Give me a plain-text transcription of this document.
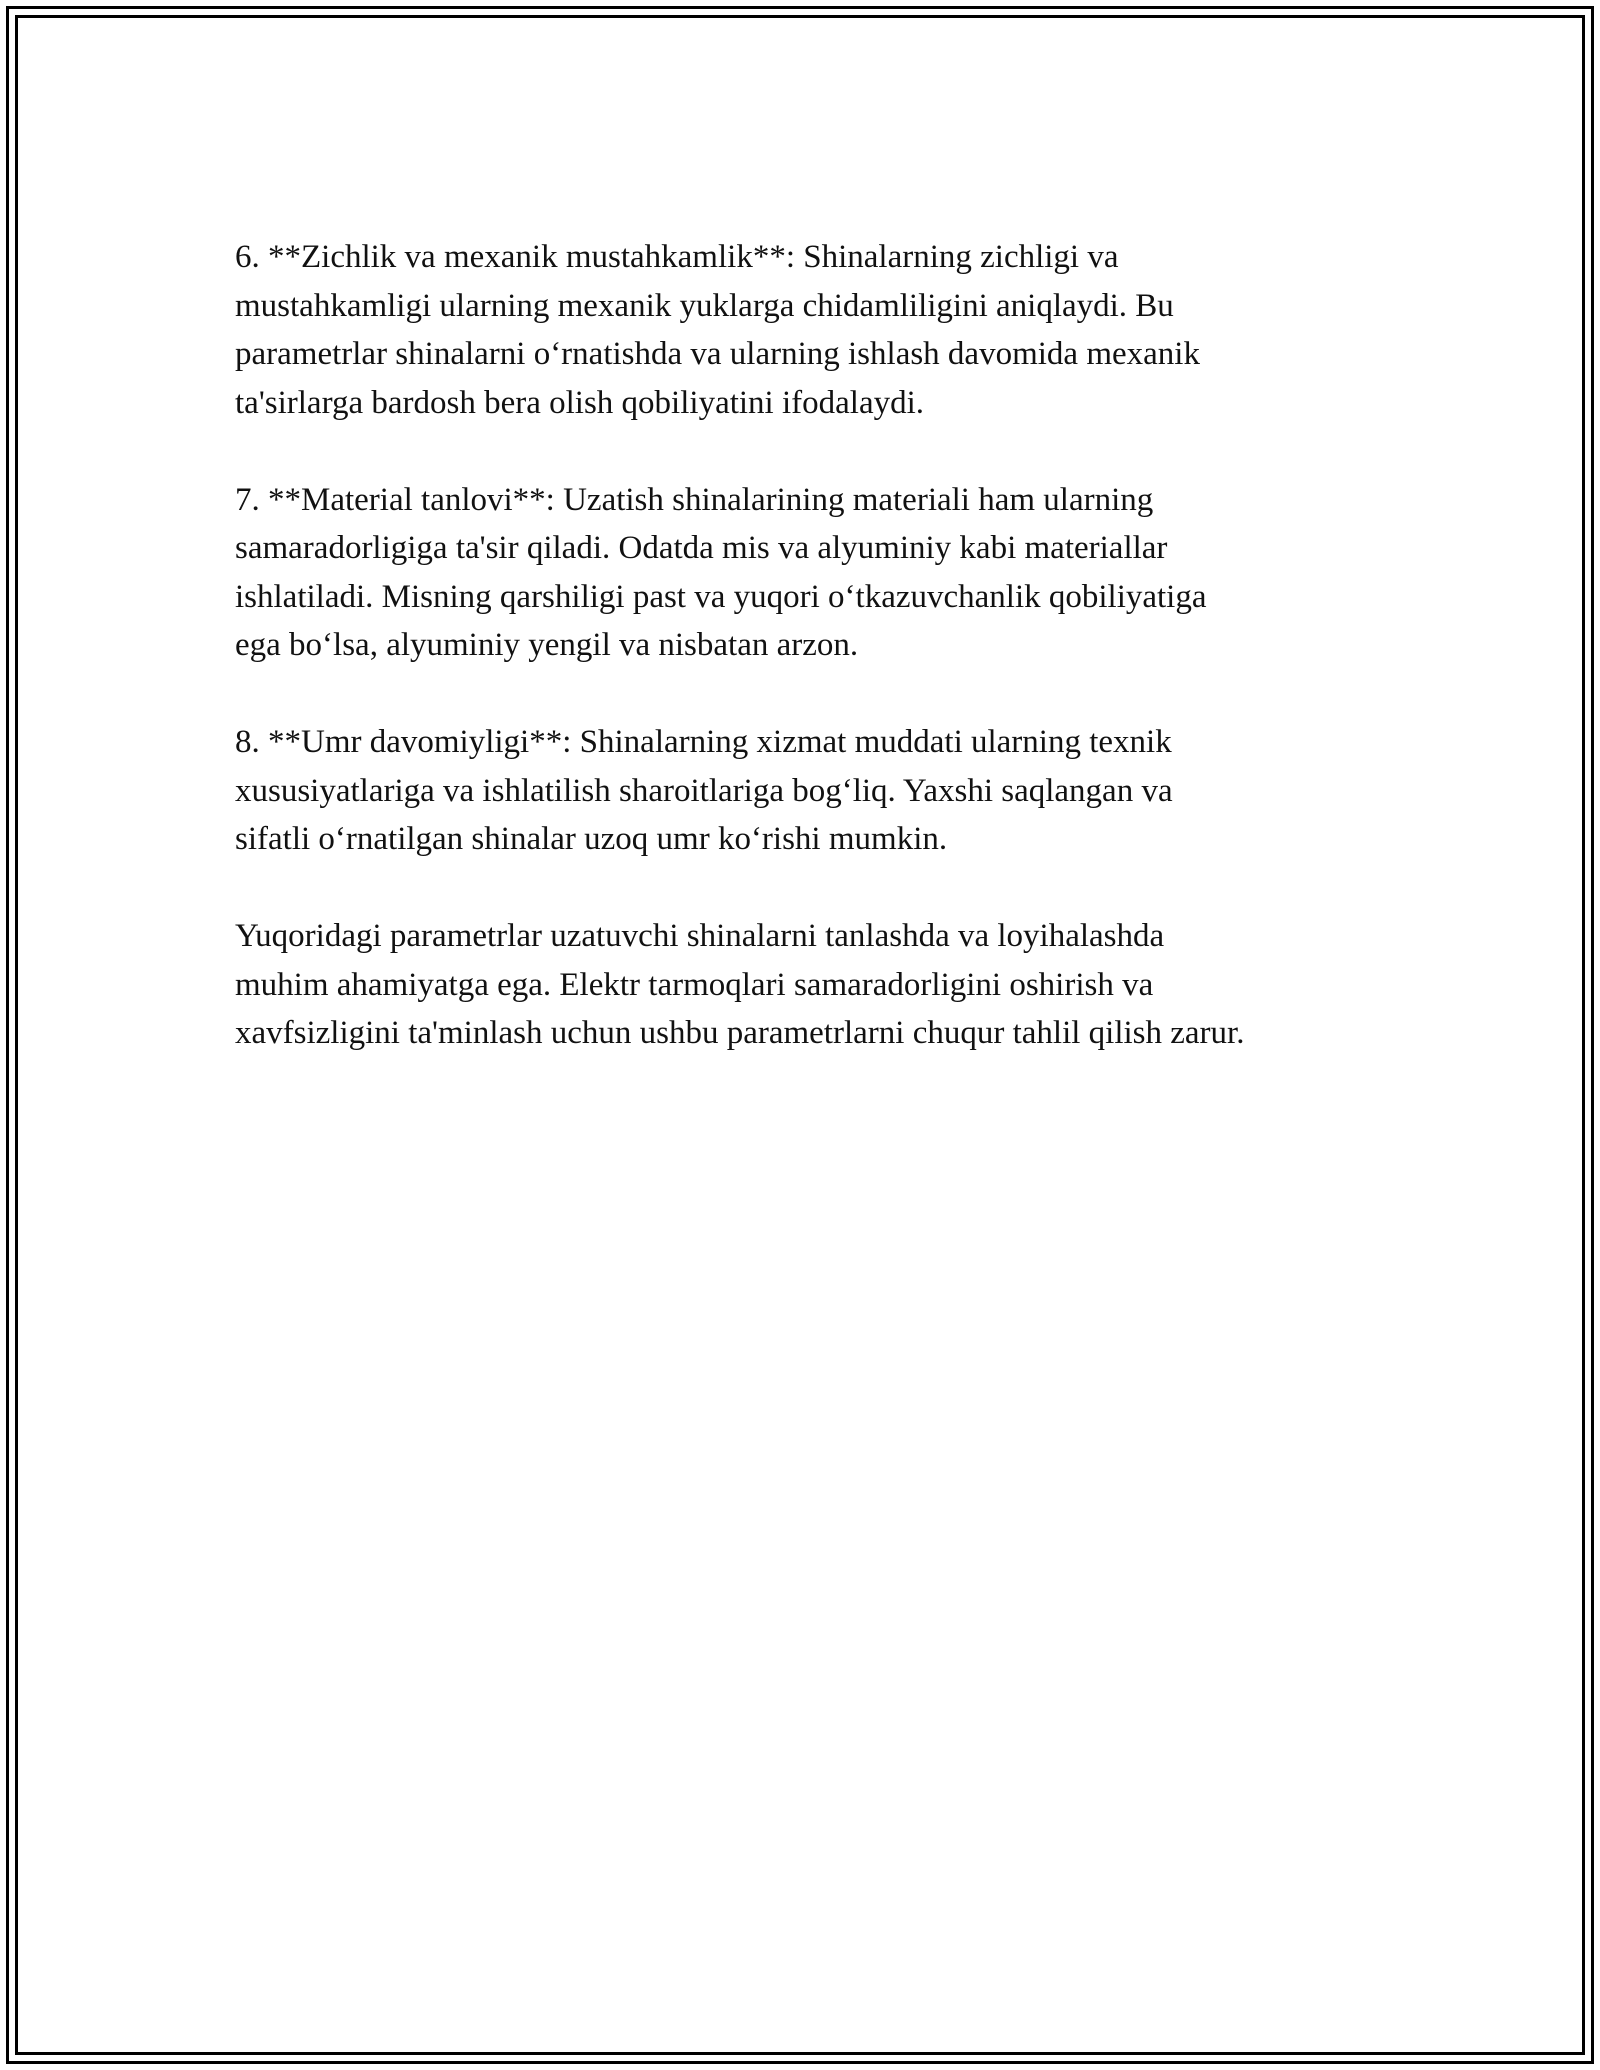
6. **Zichlik va mexanik mustahkamlik**: Shinalarning zichligi va
mustahkamligi ularning mexanik yuklarga chidamliligini aniqlaydi. Bu
parametrlar shinalarni o‘rnatishda va ularning ishlash davomida mexanik
ta'sirlarga bardosh bera olish qobiliyatini ifodalaydi.

7. **Material tanlovi**: Uzatish shinalarining materiali ham ularning
samaradorligiga ta'sir qiladi. Odatda mis va alyuminiy kabi materiallar
ishlatiladi. Misning qarshiligi past va yuqori o‘tkazuvchanlik qobiliyatiga
ega bo‘lsa, alyuminiy yengil va nisbatan arzon.

8. **Umr davomiyligi**: Shinalarning xizmat muddati ularning texnik
xususiyatlariga va ishlatilish sharoitlariga bog‘liq. Yaxshi saqlangan va
sifatli o‘rnatilgan shinalar uzoq umr ko‘rishi mumkin.

Yuqoridagi parametrlar uzatuvchi shinalarni tanlashda va loyihalashda
muhim ahamiyatga ega. Elektr tarmoqlari samaradorligini oshirish va
xavfsizligini ta'minlash uchun ushbu parametrlarni chuqur tahlil qilish zarur.
